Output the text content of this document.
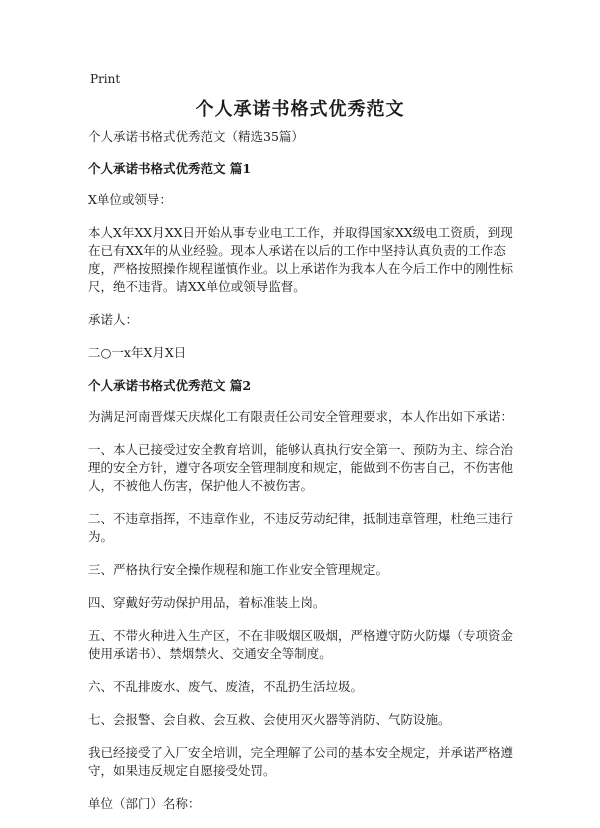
Print
个人承诺书格式优秀范文

个人承诺书格式优秀范文（精选35篇）

个人承诺书格式优秀范文 篇1

X单位或领导：

本人X年XX月XX日开始从事专业电工工作，并取得国家XX级电工资质，到现在已有XX年的从业经验。现本人承诺在以后的工作中坚持认真负责的工作态度，严格按照操作规程谨慎作业。以上承诺作为我本人在今后工作中的刚性标尺，绝不违背。请XX单位或领导监督。

承诺人：

二○一x年X月X日

个人承诺书格式优秀范文 篇2

为满足河南晋煤天庆煤化工有限责任公司安全管理要求，本人作出如下承诺：

一、本人已接受过安全教育培训，能够认真执行安全第一、预防为主、综合治理的安全方针，遵守各项安全管理制度和规定，能做到不伤害自己，不伤害他人，不被他人伤害，保护他人不被伤害。

二、不违章指挥，不违章作业，不违反劳动纪律，抵制违章管理，杜绝三违行为。

三、严格执行安全操作规程和施工作业安全管理规定。

四、穿戴好劳动保护用品，着标准装上岗。

五、不带火种进入生产区，不在非吸烟区吸烟，严格遵守防火防爆（专项资金使用承诺书）、禁烟禁火、交通安全等制度。

六、不乱排废水、废气、废渣，不乱扔生活垃圾。

七、会报警、会自救、会互救、会使用灭火器等消防、气防设施。

我已经接受了入厂安全培训，完全理解了公司的基本安全规定，并承诺严格遵守，如果违反规定自愿接受处罚。

单位（部门）名称：
